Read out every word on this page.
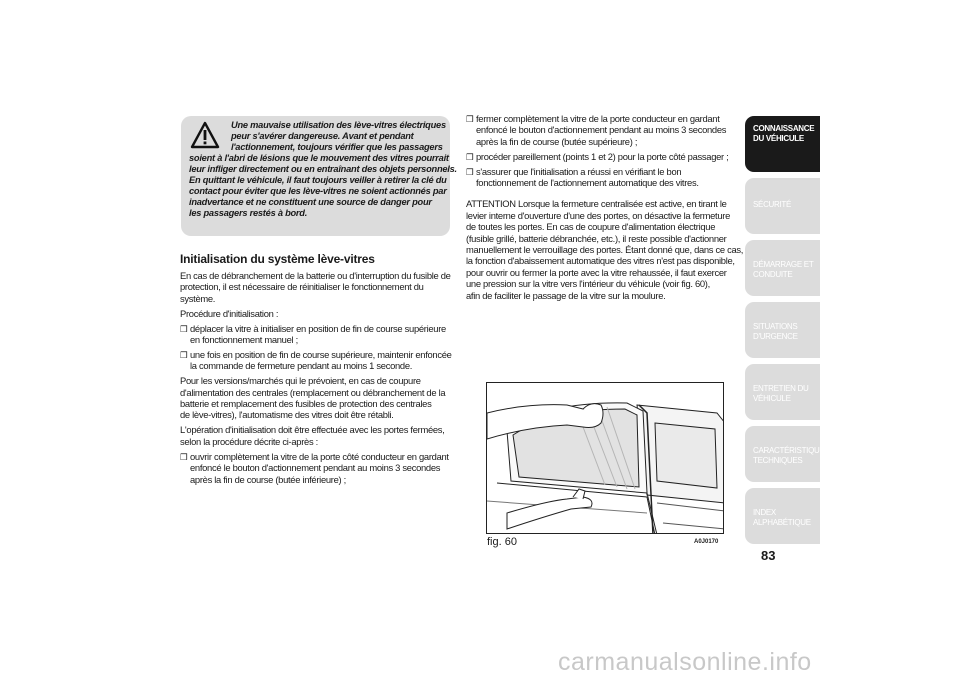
Une mauvaise utilisation des lève-vitres électriques
peur s'avérer dangereuse. Avant et pendant
l'actionnement, toujours vérifier que les passagers
soient à l'abri de lésions que le mouvement des vitres pourrait
leur infliger directement ou en entraînant des objets personnels.
En quittant le véhicule, il faut toujours veiller à retirer la clé du
contact pour éviter que les lève-vitres ne soient actionnés par
inadvertance et ne constituent une source de danger pour
les passagers restés à bord.
Initialisation du système lève-vitres

En cas de débranchement de la batterie ou d'interruption du fusible de
protection, il est nécessaire de réinitialiser le fonctionnement du
système.

Procédure d'initialisation :

❒ déplacer la vitre à initialiser en position de fin de course supérieure
en fonctionnement manuel ;
❒ une fois en position de fin de course supérieure, maintenir enfoncée
la commande de fermeture pendant au moins 1 seconde.

Pour les versions/marchés qui le prévoient, en cas de coupure
d'alimentation des centrales (remplacement ou débranchement de la
batterie et remplacement des fusibles de protection des centrales
de lève-vitres), l'automatisme des vitres doit être rétabli.

L'opération d'initialisation doit être effectuée avec les portes fermées,
selon la procédure décrite ci-après :

❒ ouvrir complètement la vitre de la porte côté conducteur en gardant
enfoncé le bouton d'actionnement pendant au moins 3 secondes
après la fin de course (butée inférieure) ;
❒ fermer complètement la vitre de la porte conducteur en gardant
enfoncé le bouton d'actionnement pendant au moins 3 secondes
après la fin de course (butée supérieure) ;
❒ procéder pareillement (points 1 et 2) pour la porte côté passager ;
❒ s'assurer que l'initialisation a réussi en vérifiant le bon
fonctionnement de l'actionnement automatique des vitres.

ATTENTION Lorsque la fermeture centralisée est active, en tirant le
levier interne d'ouverture d'une des portes, on désactive la fermeture
de toutes les portes. En cas de coupure d'alimentation électrique
(fusible grillé, batterie débranchée, etc.), il reste possible d'actionner
manuellement le verrouillage des portes. Étant donné que, dans ce cas,
la fonction d'abaissement automatique des vitres n'est pas disponible,
pour ouvrir ou fermer la porte avec la vitre rehaussée, il faut exercer
une pression sur la vitre vers l'intérieur du véhicule (voir fig. 60),
afin de faciliter le passage de la vitre sur la moulure.

fig. 60	A0J0170
CONNAISSANCE
DU VÉHICULE
SÉCURITÉ
DÉMARRAGE ET
CONDUITE
SITUATIONS
D'URGENCE
ENTRETIEN DU
VÉHICULE
CARACTÉRISTIQUES
TECHNIQUES
INDEX
ALPHABÉTIQUE
83
carmanualsonline.info
